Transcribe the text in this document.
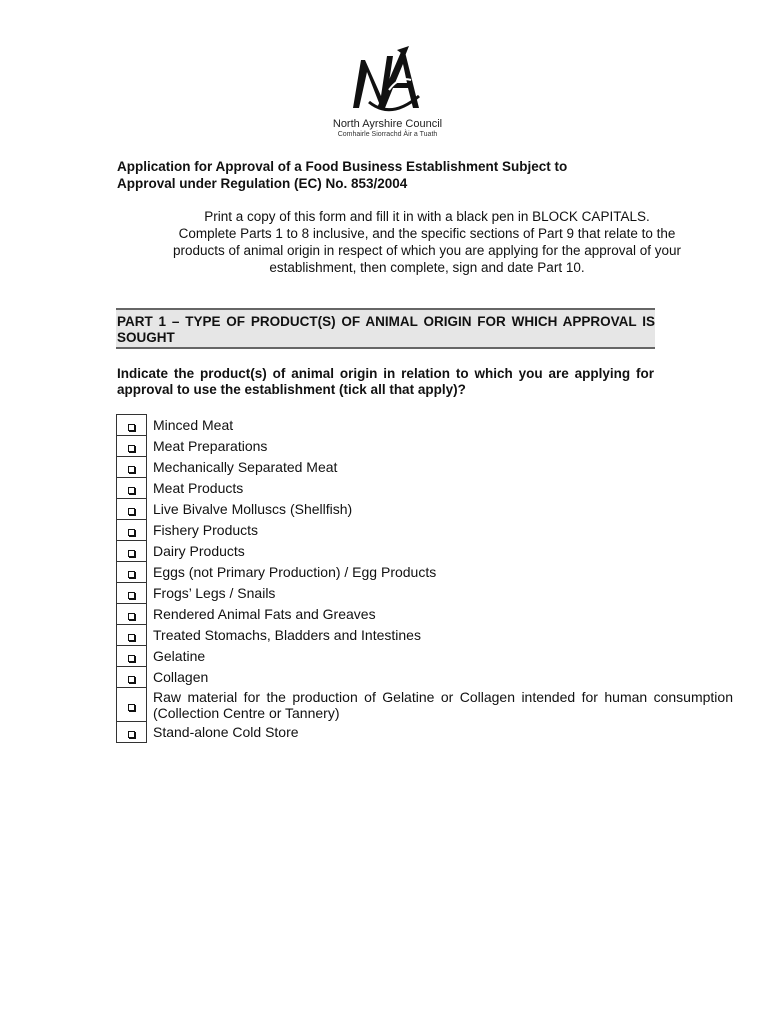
North Ayrshire Council
Comhairle Siorrachd Àir a Tuath
Application for Approval of a Food Business Establishment Subject to
Approval under Regulation (EC) No. 853/2004
Print a copy of this form and fill it in with a black pen in BLOCK CAPITALS.
Complete Parts 1 to 8 inclusive, and the specific sections of Part 9 that relate to the
products of animal origin in respect of which you are applying for the approval of your
establishment, then complete, sign and date Part 10.
PART 1 – TYPE OF PRODUCT(S) OF ANIMAL ORIGIN FOR WHICH APPROVAL IS SOUGHT
Indicate the product(s) of animal origin in relation to which you are applying for approval to use the establishment (tick all that apply)?
	Minced Meat
	Meat Preparations
	Mechanically Separated Meat
	Meat Products
	Live Bivalve Molluscs (Shellfish)
	Fishery Products
	Dairy Products
	Eggs (not Primary Production) / Egg Products
	Frogs’ Legs / Snails
	Rendered Animal Fats and Greaves
	Treated Stomachs, Bladders and Intestines
	Gelatine
	Collagen
	Raw material for the production of Gelatine or Collagen intended for human consumption (Collection Centre or Tannery)
	Stand-alone Cold Store
